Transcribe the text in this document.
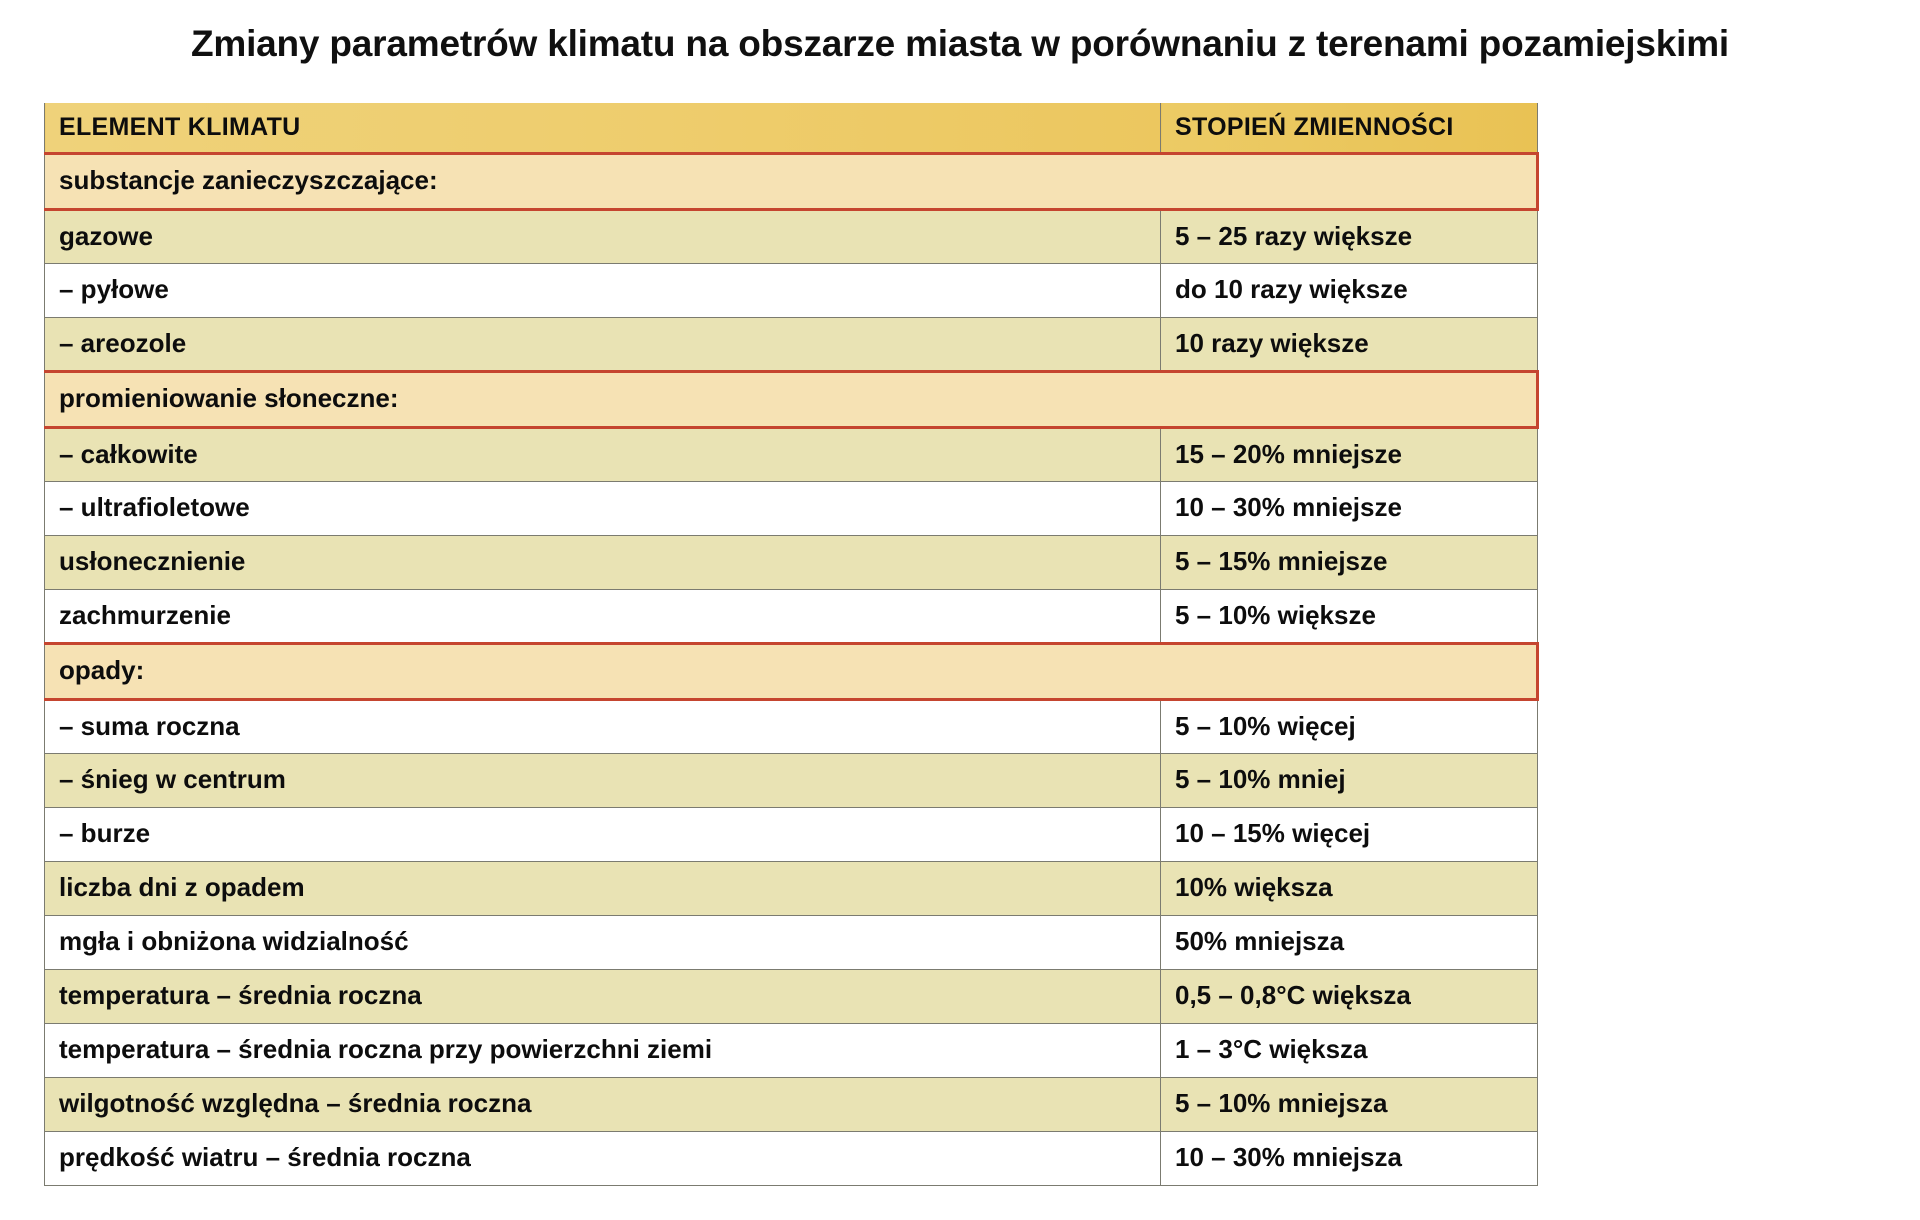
Zmiany parametrów klimatu na obszarze miasta w porównaniu z terenami pozamiejskimi
ELEMENT KLIMATU	STOPIEŃ ZMIENNOŚCI
substancje zanieczyszczające:	
gazowe	5 – 25 razy większe
– pyłowe	do 10 razy większe
– areozole	10 razy większe
promieniowanie słoneczne:	
– całkowite	15 – 20% mniejsze
– ultrafioletowe	10 – 30% mniejsze
usłonecznienie	5 – 15% mniejsze
zachmurzenie	5 – 10% większe
opady:	
– suma roczna	5 – 10% więcej
– śnieg w centrum	5 – 10% mniej
– burze	10 – 15% więcej
liczba dni z opadem	10% większa
mgła i obniżona widzialność	50% mniejsza
temperatura – średnia roczna	0,5 – 0,8°C większa
temperatura – średnia roczna przy powierzchni ziemi	1 – 3°C większa
wilgotność względna – średnia roczna	5 – 10% mniejsza
prędkość wiatru – średnia roczna	10 – 30% mniejsza
